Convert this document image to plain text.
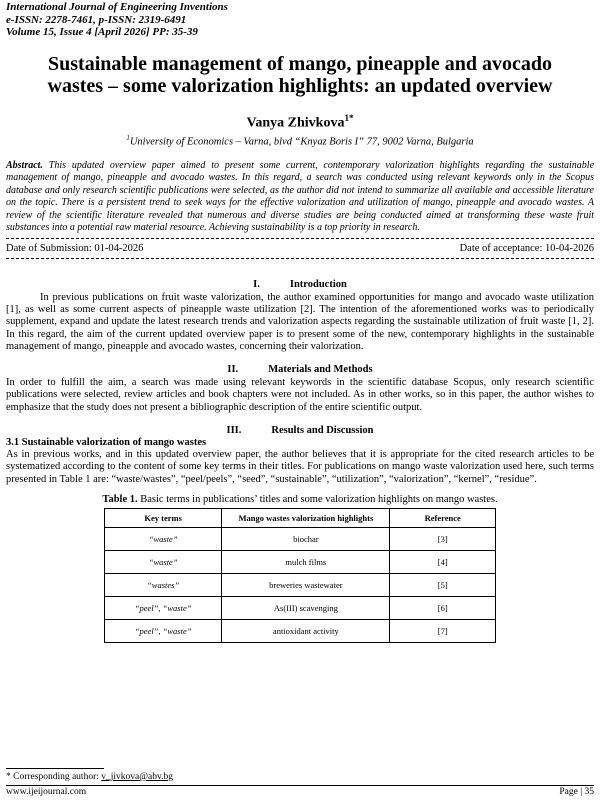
International Journal of Engineering Inventions
e-ISSN: 2278-7461, p-ISSN: 2319-6491
Volume 15, Issue 4 [April 2026] PP: 35-39
Sustainable management of mango, pineapple and avocado wastes – some valorization highlights: an updated overview
Vanya Zhivkova$^{1*}$
$^1$University of Economics – Varna, blvd “Knyaz Boris I” 77, 9002 Varna, Bulgaria
Abstract. This updated overview paper aimed to present some current, contemporary valorization highlights regarding the sustainable management of mango, pineapple and avocado wastes. In this regard, a search was conducted using relevant keywords only in the Scopus database and only research scientific publications were selected, as the author did not intend to summarize all available and accessible literature on the topic. There is a persistent trend to seek ways for the effective valorization and utilization of mango, pineapple and avocado wastes. A review of the scientific literature revealed that numerous and diverse studies are being conducted aimed at transforming these waste fruit substances into a potential raw material resource. Achieving sustainability is a top priority in research.
Date of Submission: 01-04-2026	Date of acceptance: 10-04-2026
I.	Introduction

In previous publications on fruit waste valorization, the author examined opportunities for mango and avocado waste utilization [1], as well as some current aspects of pineapple waste utilization [2]. The intention of the aforementioned works was to periodically supplement, expand and update the latest research trends and valorization aspects regarding the sustainable utilization of fruit waste [1, 2]. In this regard, the aim of the current updated overview paper is to present some of the new, contemporary highlights in the sustainable management of mango, pineapple and avocado wastes, concerning their valorization.

II.	Materials and Methods

In order to fulfill the aim, a search was made using relevant keywords in the scientific database Scopus, only research scientific publications were selected, review articles and book chapters were not included. As in other works, so in this paper, the author wishes to emphasize that the study does not present a bibliographic description of the entire scientific output.

III.	Results and Discussion
3.1 Sustainable valorization of mango wastes

As in previous works, and in this updated overview paper, the author believes that it is appropriate for the cited research articles to be systematized according to the content of some key terms in their titles. For publications on mango waste valorization used here, such terms presented in Table 1 are: “waste/wastes”, “peel/peels”, “seed”, “sustainable”, “utilization”, “valorization”, “kernel”, “residue”.

Table 1. Basic terms in publications’ titles and some valorization highlights on mango wastes.
Key terms	Mango wastes valorization highlights	Reference
“waste”	biochar	[3]
“waste”	mulch films	[4]
“wastes”	breweries wastewater	[5]
“peel”, “waste”	As(III) scavenging	[6]
“peel”, “waste”	antioxidant activity	[7]
* Corresponding author: v_jivkova@abv.bg
www.ijeijournal.com	Page | 35
